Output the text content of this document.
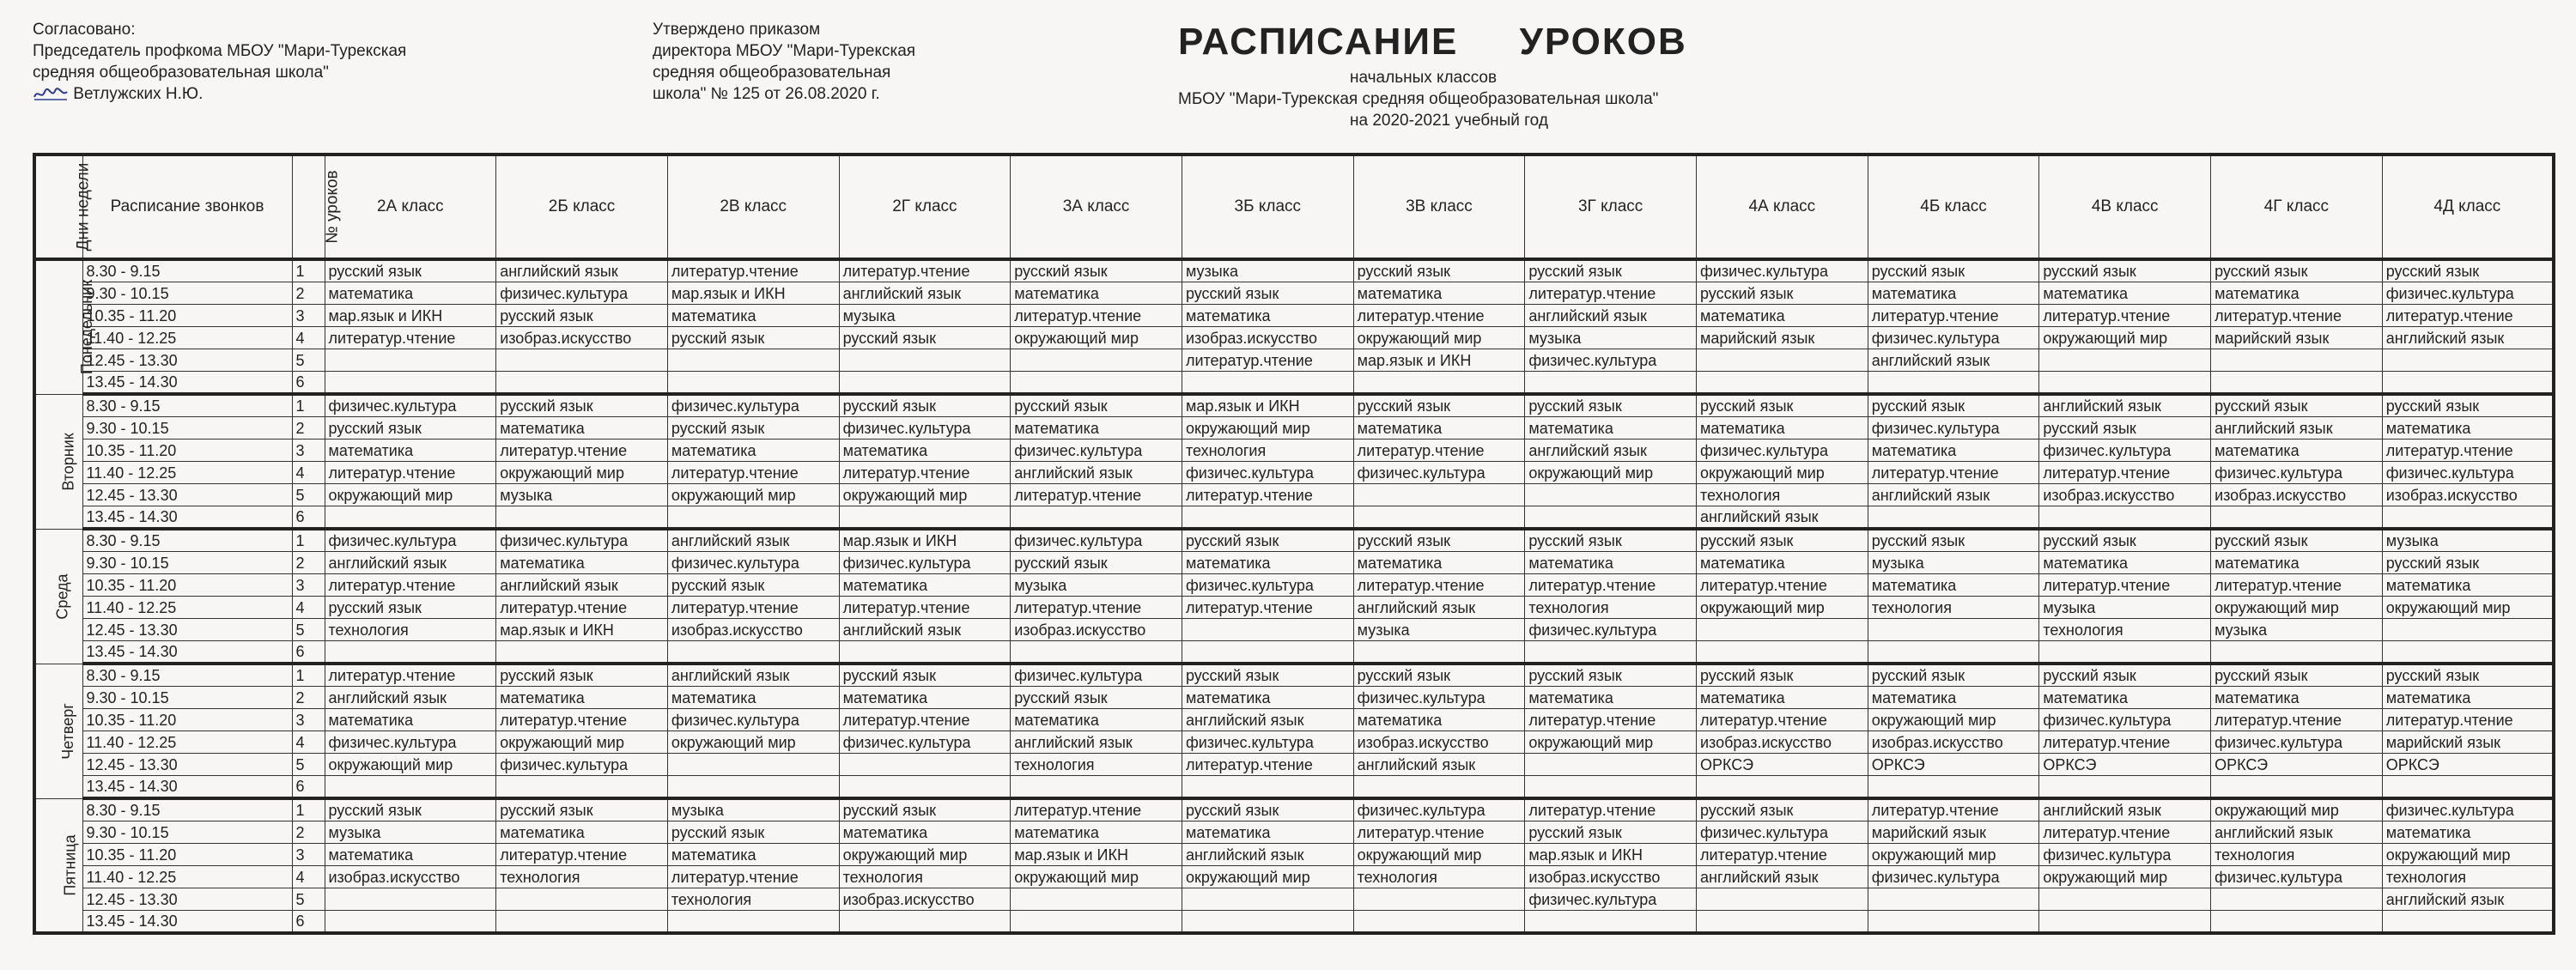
Согласовано:
Председатель профкома МБОУ "Мари-Турекская
средняя общеобразовательная школа"
Ветлужских Н.Ю.
Утверждено приказом
директора МБОУ "Мари-Турекская
средняя общеобразовательная
школа" № 125 от 26.08.2020 г.
РАСПИСАНИЕ     УРОКОВ
начальных классов
МБОУ "Мари-Турекская средняя общеобразовательная школа"
на 2020-2021 учебный год
Дни недели	Расписание звонков	№ уроков	2А класс	2Б класс	2В класс	2Г класс	3А класс	3Б класс	3В класс	3Г класс	4А класс	4Б класс	4В класс	4Г класс	4Д класс
Понедельник	8.30 - 9.15	1	русский язык	английский язык	литератур.чтение	литератур.чтение	русский язык	музыка	русский язык	русский язык	физичес.культура	русский язык	русский язык	русский язык	русский язык
	9.30 - 10.15	2	математика	физичес.культура	мар.язык и ИКН	английский язык	математика	русский язык	математика	литератур.чтение	русский язык	математика	математика	математика	физичес.культура
	10.35 - 11.20	3	мар.язык и ИКН	русский язык	математика	музыка	литератур.чтение	математика	литератур.чтение	английский язык	математика	литератур.чтение	литератур.чтение	литератур.чтение	литератур.чтение
	11.40 - 12.25	4	литератур.чтение	изобраз.искусство	русский язык	русский язык	окружающий мир	изобраз.искусство	окружающий мир	музыка	марийский язык	физичес.культура	окружающий мир	марийский язык	английский язык
	12.45 - 13.30	5						литератур.чтение	мар.язык и ИКН	физичес.культура		английский язык			
	13.45 - 14.30	6													
Вторник	8.30 - 9.15	1	физичес.культура	русский язык	физичес.культура	русский язык	русский язык	мар.язык и ИКН	русский язык	русский язык	русский язык	русский язык	английский язык	русский язык	русский язык
	9.30 - 10.15	2	русский язык	математика	русский язык	физичес.культура	математика	окружающий мир	математика	математика	математика	физичес.культура	русский язык	английский язык	математика
	10.35 - 11.20	3	математика	литератур.чтение	математика	математика	физичес.культура	технология	литератур.чтение	английский язык	физичес.культура	математика	физичес.культура	математика	литератур.чтение
	11.40 - 12.25	4	литератур.чтение	окружающий мир	литератур.чтение	литератур.чтение	английский язык	физичес.культура	физичес.культура	окружающий мир	окружающий мир	литератур.чтение	литератур.чтение	физичес.культура	физичес.культура
	12.45 - 13.30	5	окружающий мир	музыка	окружающий мир	окружающий мир	литератур.чтение	литератур.чтение			технология	английский язык	изобраз.искусство	изобраз.искусство	изобраз.искусство
	13.45 - 14.30	6									английский язык				
Среда	8.30 - 9.15	1	физичес.культура	физичес.культура	английский язык	мар.язык и ИКН	физичес.культура	русский язык	русский язык	русский язык	русский язык	русский язык	русский язык	русский язык	музыка
	9.30 - 10.15	2	английский язык	математика	физичес.культура	физичес.культура	русский язык	математика	математика	математика	математика	музыка	математика	математика	русский язык
	10.35 - 11.20	3	литератур.чтение	английский язык	русский язык	математика	музыка	физичес.культура	литератур.чтение	литератур.чтение	литератур.чтение	математика	литератур.чтение	литератур.чтение	математика
	11.40 - 12.25	4	русский язык	литератур.чтение	литератур.чтение	литератур.чтение	литератур.чтение	литератур.чтение	английский язык	технология	окружающий мир	технология	музыка	окружающий мир	окружающий мир
	12.45 - 13.30	5	технология	мар.язык и ИКН	изобраз.искусство	английский язык	изобраз.искусство		музыка	физичес.культура			технология	музыка	
	13.45 - 14.30	6													
Четверг	8.30 - 9.15	1	литератур.чтение	русский язык	английский язык	русский язык	физичес.культура	русский язык	русский язык	русский язык	русский язык	русский язык	русский язык	русский язык	русский язык
	9.30 - 10.15	2	английский язык	математика	математика	математика	русский язык	математика	физичес.культура	математика	математика	математика	математика	математика	математика
	10.35 - 11.20	3	математика	литератур.чтение	физичес.культура	литератур.чтение	математика	английский язык	математика	литератур.чтение	литератур.чтение	окружающий мир	физичес.культура	литератур.чтение	литератур.чтение
	11.40 - 12.25	4	физичес.культура	окружающий мир	окружающий мир	физичес.культура	английский язык	физичес.культура	изобраз.искусство	окружающий мир	изобраз.искусство	изобраз.искусство	литератур.чтение	физичес.культура	марийский язык
	12.45 - 13.30	5	окружающий мир	физичес.культура			технология	литератур.чтение	английский язык		ОРКСЭ	ОРКСЭ	ОРКСЭ	ОРКСЭ	ОРКСЭ
	13.45 - 14.30	6													
Пятница	8.30 - 9.15	1	русский язык	русский язык	музыка	русский язык	литератур.чтение	русский язык	физичес.культура	литератур.чтение	русский язык	литератур.чтение	английский язык	окружающий мир	физичес.культура
	9.30 - 10.15	2	музыка	математика	русский язык	математика	математика	математика	литератур.чтение	русский язык	физичес.культура	марийский язык	литератур.чтение	английский язык	математика
	10.35 - 11.20	3	математика	литератур.чтение	математика	окружающий мир	мар.язык и ИКН	английский язык	окружающий мир	мар.язык и ИКН	литератур.чтение	окружающий мир	физичес.культура	технология	окружающий мир
	11.40 - 12.25	4	изобраз.искусство	технология	литератур.чтение	технология	окружающий мир	окружающий мир	технология	изобраз.искусство	английский язык	физичес.культура	окружающий мир	физичес.культура	технология
	12.45 - 13.30	5			технология	изобраз.искусство				физичес.культура					английский язык
	13.45 - 14.30	6													
